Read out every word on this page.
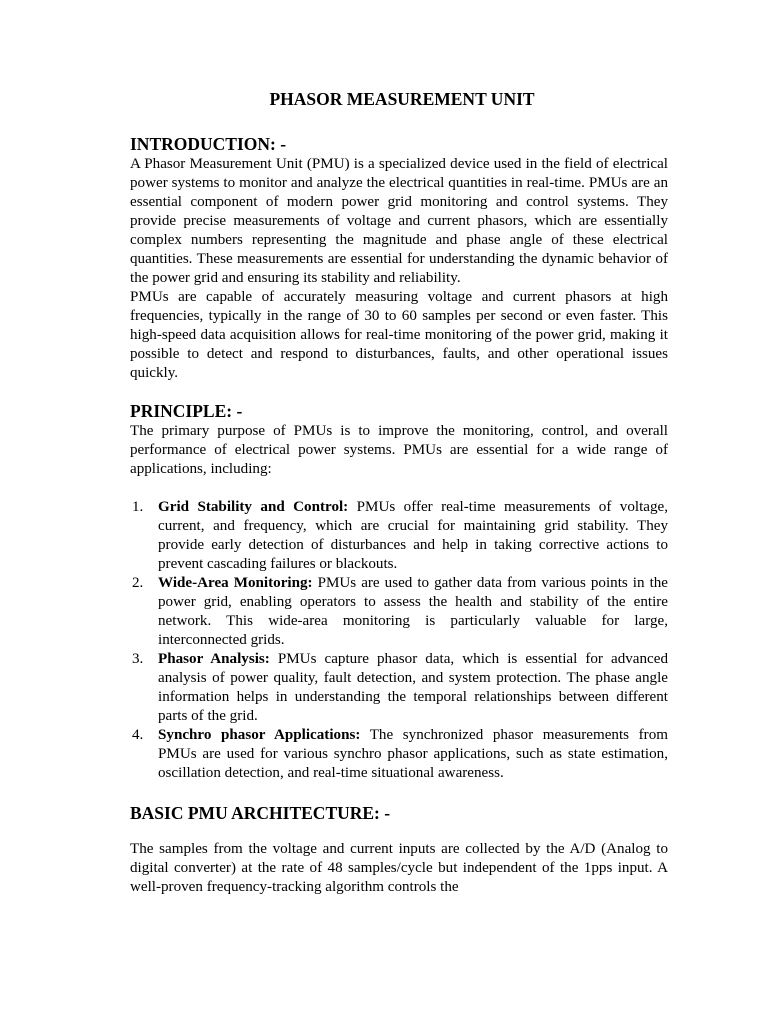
PHASOR MEASUREMENT UNIT
INTRODUCTION: -

A Phasor Measurement Unit (PMU) is a specialized device used in the field of electrical power systems to monitor and analyze the electrical quantities in real-time. PMUs are an essential component of modern power grid monitoring and control systems. They provide precise measurements of voltage and current phasors, which are essentially complex numbers representing the magnitude and phase angle of these electrical quantities. These measurements are essential for understanding the dynamic behavior of the power grid and ensuring its stability and reliability.

PMUs are capable of accurately measuring voltage and current phasors at high frequencies, typically in the range of 30 to 60 samples per second or even faster. This high-speed data acquisition allows for real-time monitoring of the power grid, making it possible to detect and respond to disturbances, faults, and other operational issues quickly.

PRINCIPLE: -

The primary purpose of PMUs is to improve the monitoring, control, and overall performance of electrical power systems. PMUs are essential for a wide range of applications, including:

1. Grid Stability and Control: PMUs offer real-time measurements of voltage, current, and frequency, which are crucial for maintaining grid stability. They provide early detection of disturbances and help in taking corrective actions to prevent cascading failures or blackouts.
2. Wide-Area Monitoring: PMUs are used to gather data from various points in the power grid, enabling operators to assess the health and stability of the entire network. This wide-area monitoring is particularly valuable for large, interconnected grids.
3. Phasor Analysis: PMUs capture phasor data, which is essential for advanced analysis of power quality, fault detection, and system protection. The phase angle information helps in understanding the temporal relationships between different parts of the grid.
4. Synchro phasor Applications: The synchronized phasor measurements from PMUs are used for various synchro phasor applications, such as state estimation, oscillation detection, and real-time situational awareness.
BASIC PMU ARCHITECTURE: -

The samples from the voltage and current inputs are collected by the A/D (Analog to digital converter) at the rate of 48 samples/cycle but independent of the 1pps input. A well-proven frequency-tracking algorithm controls the
